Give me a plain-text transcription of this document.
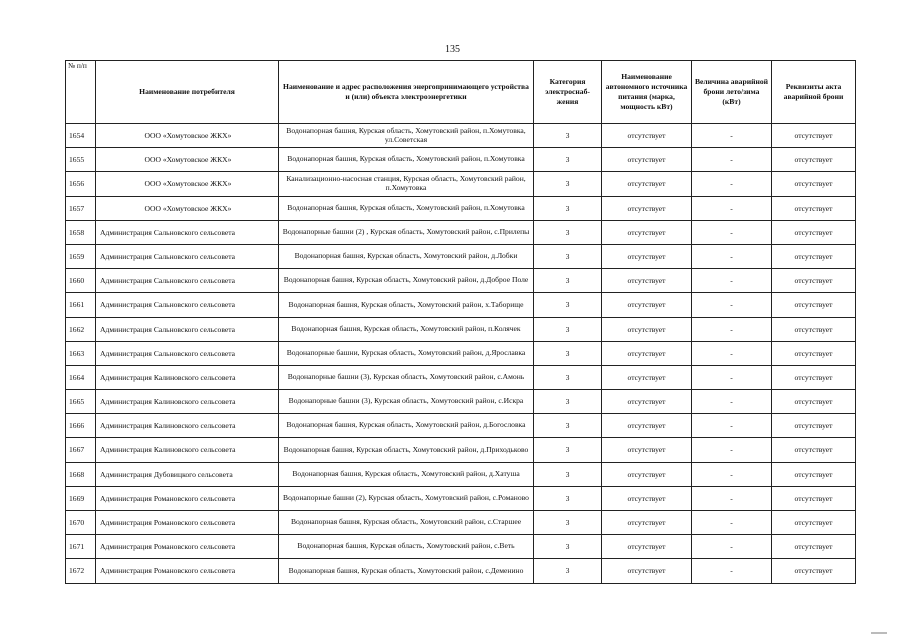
135
№ п/п	Наименование потребителя	Наименование и адрес расположения энергопринимающего устройства и (или) объекта электроэнергетики	Категория электроснаб- жения	Наименование автономного источника питания (марка, мощность кВт)	Величина аварийной брони лето/зима (кВт)	Реквизиты акта аварийной брони
1654	ООО «Хомутовское ЖКХ»	Водонапорная башня, Курская область, Хомутовский район, п.Хомутовка, ул.Советская	3	отсутствует	-	отсутствует
1655	ООО «Хомутовское ЖКХ»	Водонапорная башня, Курская область, Хомутовский район, п.Хомутовка	3	отсутствует	-	отсутствует
1656	ООО «Хомутовское ЖКХ»	Канализационно-насосная станция, Курская область, Хомутовский район, п.Хомутовка	3	отсутствует	-	отсутствует
1657	ООО «Хомутовское ЖКХ»	Водонапорная башня, Курская область, Хомутовский район, п.Хомутовка	3	отсутствует	-	отсутствует
1658	Администрация Сальновского сельсовета	Водонапорные башни (2) , Курская область, Хомутовский район, с.Прилепы	3	отсутствует	-	отсутствует
1659	Администрация Сальновского сельсовета	Водонапорная башня, Курская область, Хомутовский район, д.Лобки	3	отсутствует	-	отсутствует
1660	Администрация Сальновского сельсовета	Водонапорная башня, Курская область, Хомутовский район, д.Доброе Поле	3	отсутствует	-	отсутствует
1661	Администрация Сальновского сельсовета	Водонапорная башня, Курская область, Хомутовский район, х.Таборище	3	отсутствует	-	отсутствует
1662	Администрация Сальновского сельсовета	Водонапорная башня, Курская область, Хомутовский район, п.Колячек	3	отсутствует	-	отсутствует
1663	Администрация Сальновского сельсовета	Водонапорные башни, Курская область, Хомутовский район, д.Ярославка	3	отсутствует	-	отсутствует
1664	Администрация Калиновского сельсовета	Водонапорные башни (3), Курская область, Хомутовский район, с.Амонь	3	отсутствует	-	отсутствует
1665	Администрация Калиновского сельсовета	Водонапорные башни (3), Курская область, Хомутовский район, с.Искра	3	отсутствует	-	отсутствует
1666	Администрация Калиновского сельсовета	Водонапорная башня, Курская область, Хомутовский район, д.Богословка	3	отсутствует	-	отсутствует
1667	Администрация Калиновского сельсовета	Водонапорная башня, Курская область, Хомутовский район, д.Приходьково	3	отсутствует	-	отсутствует
1668	Администрация Дубовицкого сельсовета	Водонапорная башня, Курская область, Хомутовский район, д.Хатуша	3	отсутствует	-	отсутствует
1669	Администрация Романовского сельсовета	Водонапорные башни (2), Курская область, Хомутовский район, с.Романово	3	отсутствует	-	отсутствует
1670	Администрация Романовского сельсовета	Водонапорная башня, Курская область, Хомутовский район, с.Старшее	3	отсутствует	-	отсутствует
1671	Администрация Романовского сельсовета	Водонапорная башня, Курская область, Хомутовский район, с.Веть	3	отсутствует	-	отсутствует
1672	Администрация Романовского сельсовета	Водонапорная башня, Курская область, Хомутовский район, с.Деменино	3	отсутствует	-	отсутствует
